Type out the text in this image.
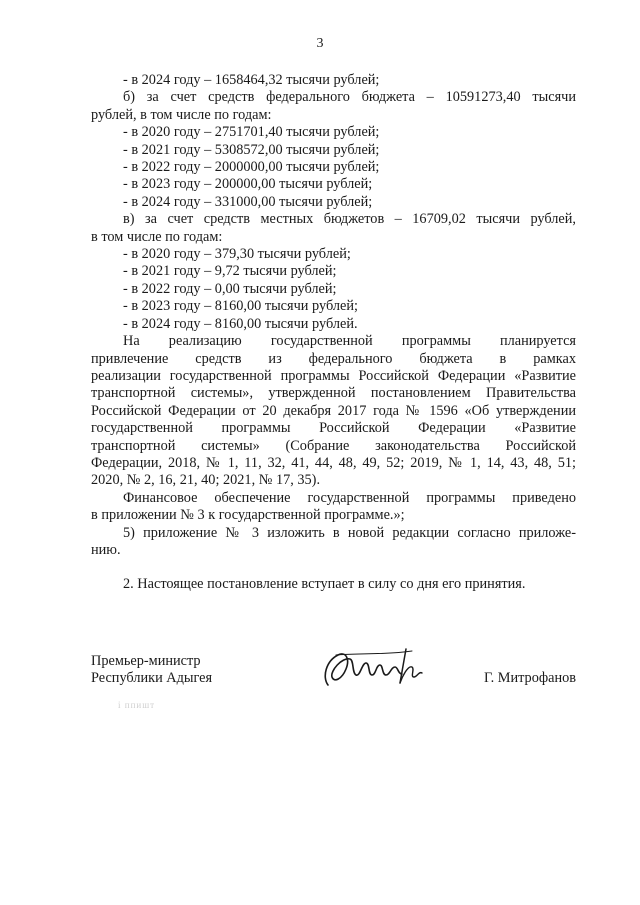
3
- в 2024 году – 1658464,32 тысячи рублей;
б) за счет средств федерального бюджета – 10591273,40 тысячи
рублей, в том числе по годам:
- в 2020 году – 2751701,40 тысячи рублей;
- в 2021 году – 5308572,00 тысячи рублей;
- в 2022 году – 2000000,00 тысячи рублей;
- в 2023 году – 200000,00 тысячи рублей;
- в 2024 году – 331000,00 тысячи рублей;
в) за счет средств местных бюджетов – 16709,02 тысячи рублей,
в том числе по годам:
- в 2020 году – 379,30 тысячи рублей;
- в 2021 году – 9,72 тысячи рублей;
- в 2022 году – 0,00 тысячи рублей;
- в 2023 году – 8160,00 тысячи рублей;
- в 2024 году – 8160,00 тысячи рублей.
На реализацию государственной программы планируется
привлечение средств из федерального бюджета в рамках
реализации государственной программы Российской Федерации «Развитие
транспортной системы», утвержденной постановлением Правительства
Российской Федерации от 20 декабря 2017 года № 1596 «Об утверждении
государственной программы Российской Федерации «Развитие
транспортной системы» (Собрание законодательства Российской
Федерации, 2018, № 1, 11, 32, 41, 44, 48, 49, 52; 2019, № 1, 14, 43, 48, 51;
2020, № 2, 16, 21, 40; 2021, № 17, 35).
Финансовое обеспечение государственной программы приведено
в приложении № 3 к государственной программе.»;
5) приложение № 3 изложить в новой редакции согласно приложе-
нию.
2. Настоящее постановление вступает в силу со дня его принятия.
Премьер-министр
Республики Адыгея	Г. Митрофанов
i ппишт
